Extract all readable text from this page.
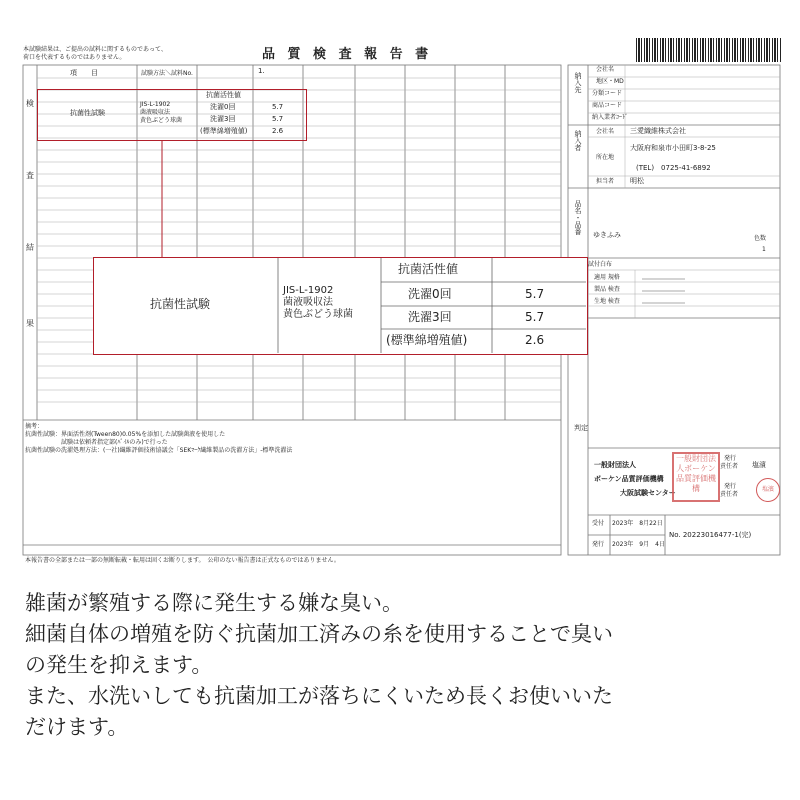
本試験結果は、ご提出の試料に関するものであって、
荷口を代表するものではありません。	品 質 検 査 報 告 書
検
査
結
果
項　　目	試験方法＼試料No.	1.
抗菌性試験
JIS-L-1902
菌液吸収法
黄色ぶどう球菌
抗菌活性値
洗濯0回	5.7
洗濯3回	5.7
(標準綿増殖値)	2.6
摘考：
抗菌性試験：界面活性剤(Tween80)0.05%を添加した試験菌液を使用した
　　　　　　試験は依頼者指定部(ﾊﾟｲﾙのみ)で行った
抗菌性試験の洗濯処理方法：(一社)繊維評価技術協議会「SEKﾏｰｸ繊維製品の洗濯方法」-標準洗濯法
本報告書の全部または一部の無断転載・転用は固くお断りします。　公印のない報告書は正式なものではありません。
納入先
納入者
品名・品番
判定
会社名
地区・MD
分類コード
商品コード
納入業者ｺｰﾄﾞ
会社名 三愛織維株式会社
所在地
大阪府和泉市小田町3-8-25
(TEL)　0725-41-6892
担当者 明松
ゆきふみ	色数
1
試付白布
適用 規格
製品 検査
生地 検査
一般財団法人
ボーケン品質評価機構
大阪試験センター
一般財団法人ボーケン品質評価機構
発行
責任者 塩濱
発行
責任者
塩濱
受付 2023年　8月22日
発行 2023年　9月　4日
No. 20223016477-1(完)
抗菌性試験
JIS-L-1902
菌液吸収法
黄色ぶどう球菌
抗菌活性値
洗濯0回	5.7
洗濯3回	5.7
(標準綿増殖値)	2.6
雑菌が繁殖する際に発生する嫌な臭い。
細菌自体の増殖を防ぐ抗菌加工済みの糸を使用することで臭い
の発生を抑えます。
また、水洗いしても抗菌加工が落ちにくいため長くお使いいた
だけます。
